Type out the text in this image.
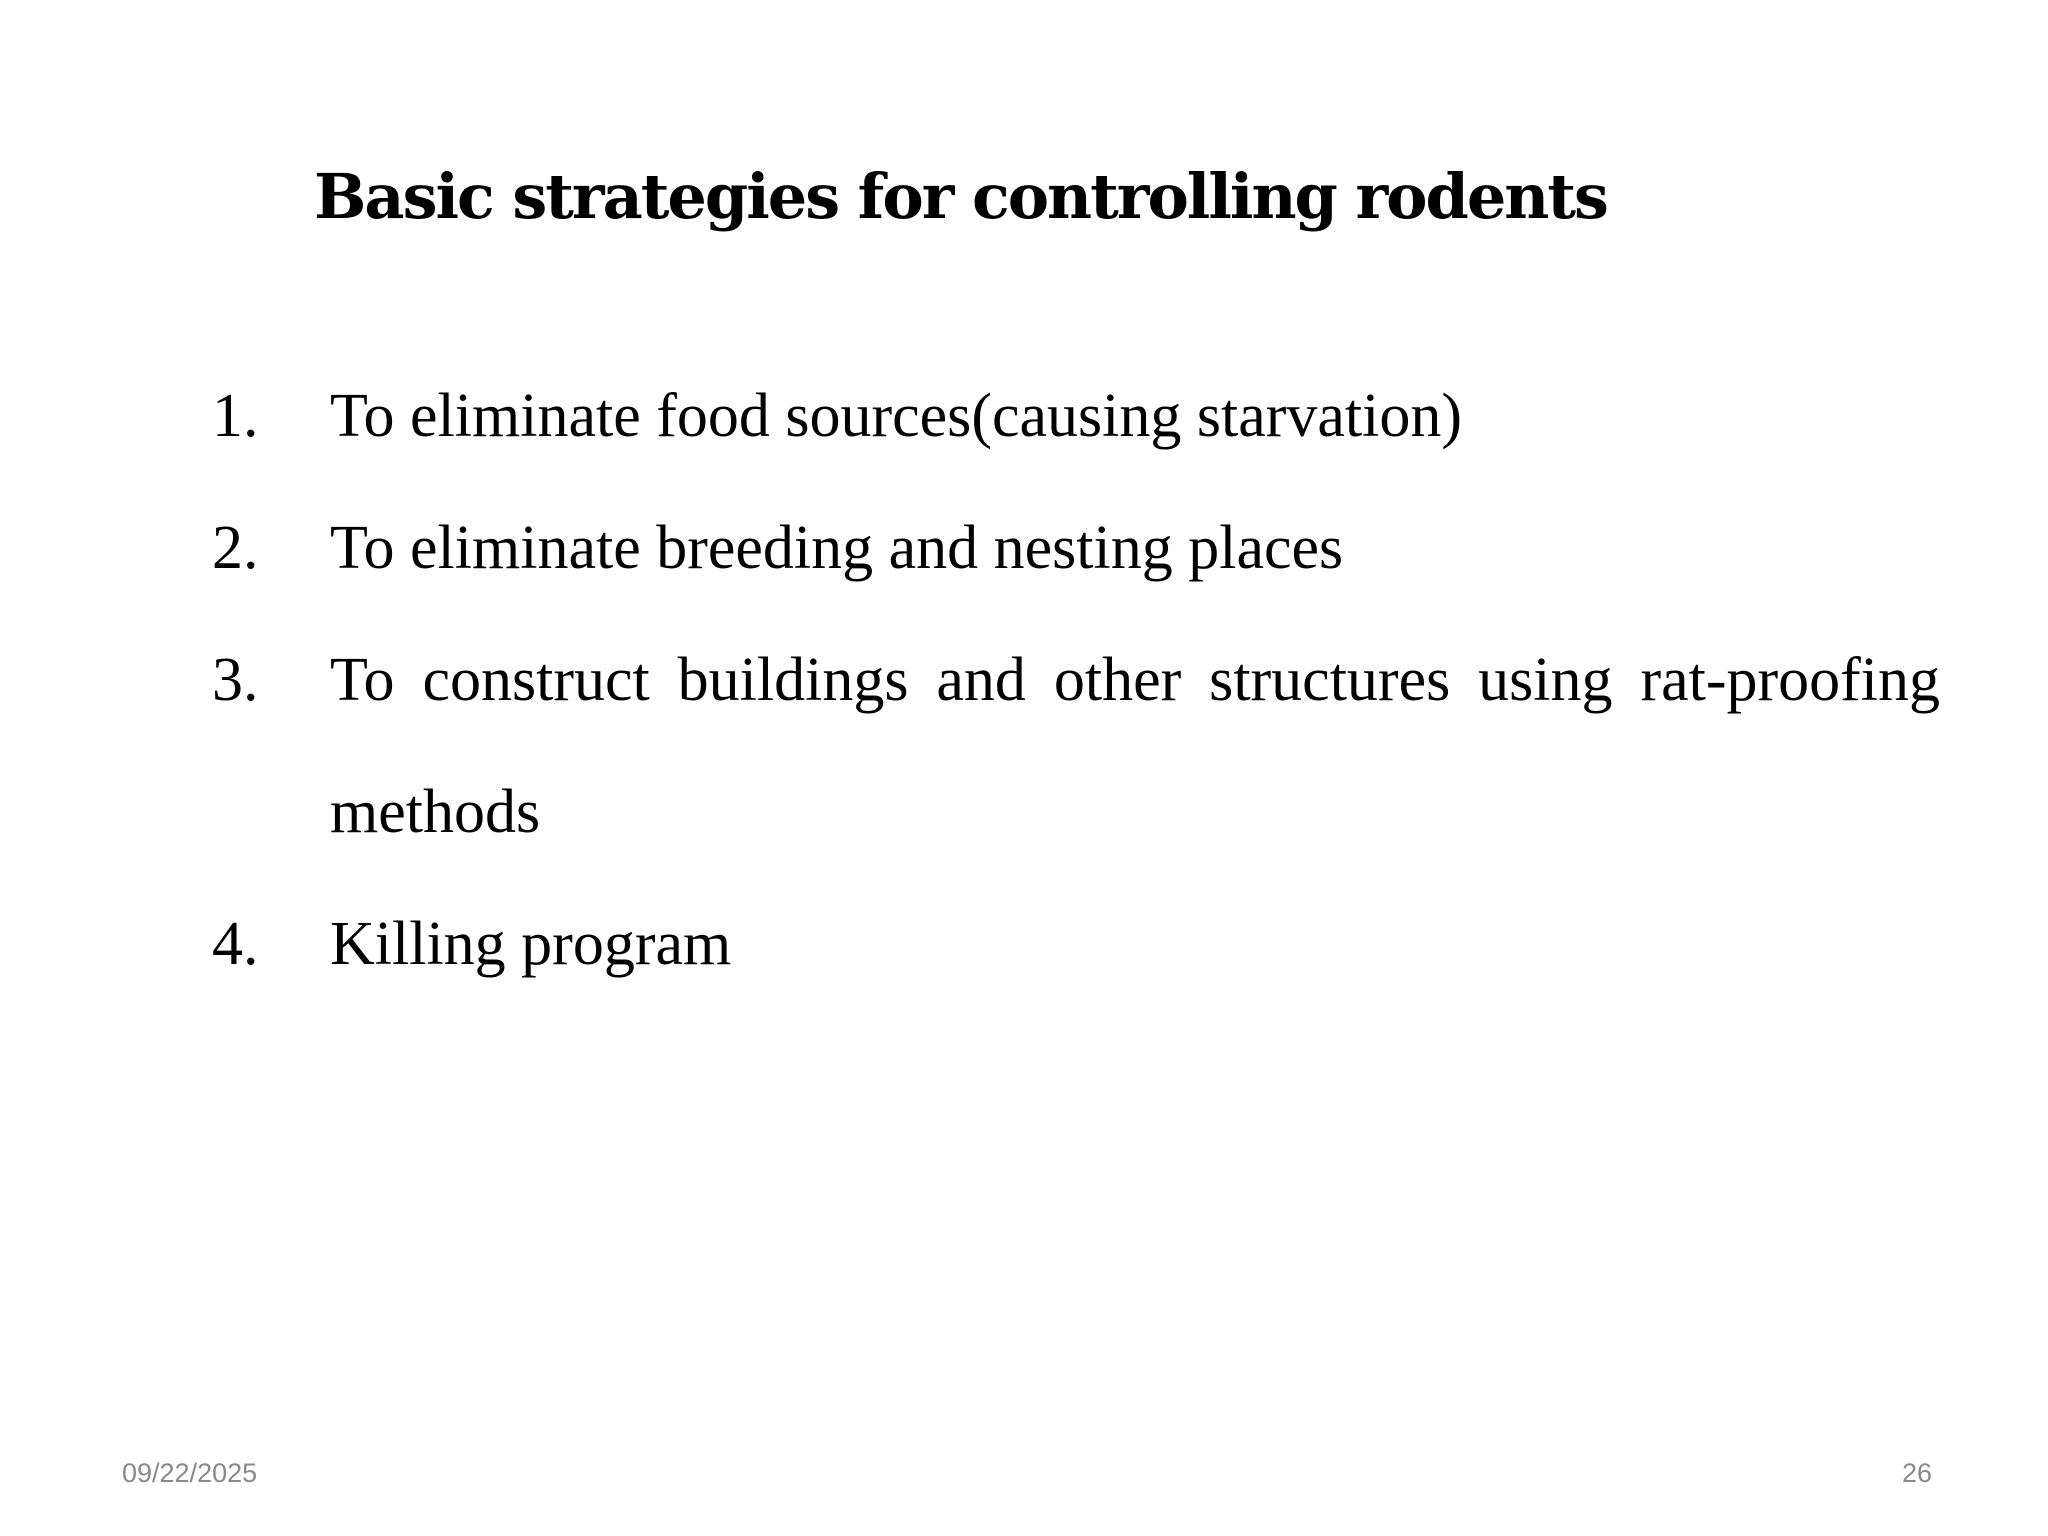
Basic strategies for controlling rodents
1. To eliminate food sources(causing starvation)
2. To eliminate breeding and nesting places
3. To construct buildings and other structures using rat-proofing methods
4. Killing program
09/22/2025	26
